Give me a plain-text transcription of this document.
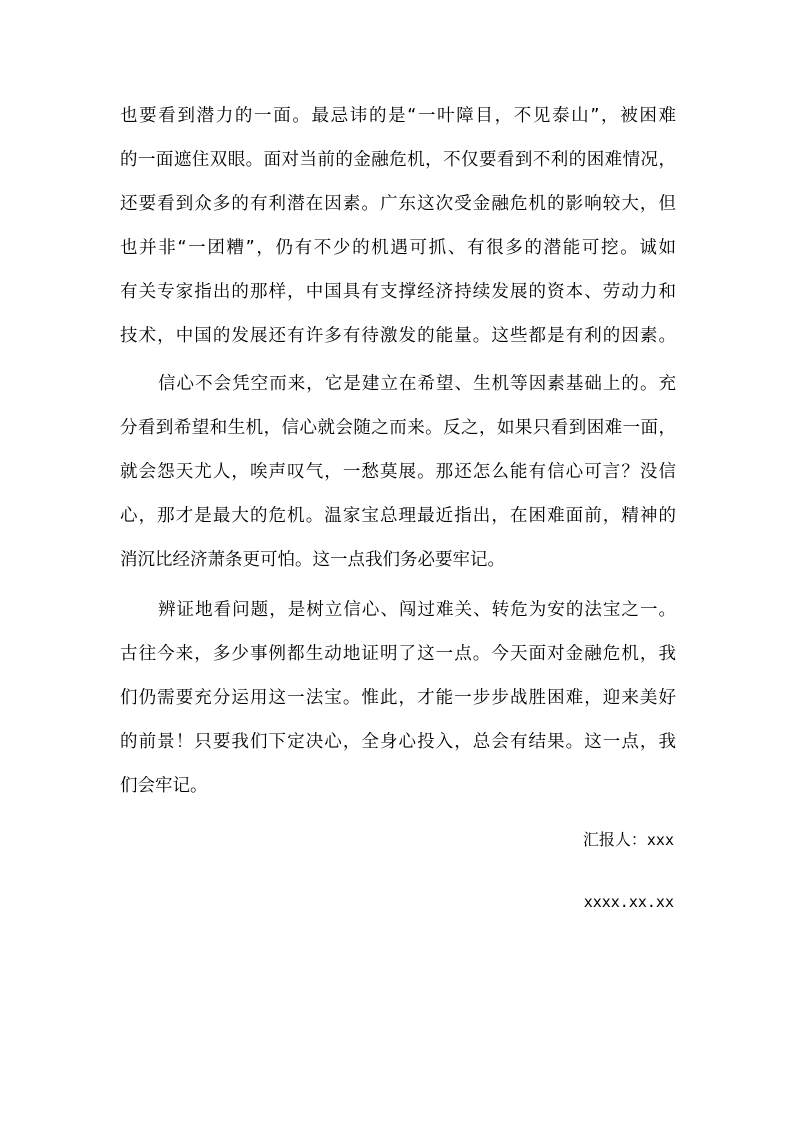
也要看到潜力的一面。最忌讳的是“一叶障目，不见泰山”，被困难
的一面遮住双眼。面对当前的金融危机，不仅要看到不利的困难情况，
还要看到众多的有利潜在因素。广东这次受金融危机的影响较大，但
也并非“一团糟”，仍有不少的机遇可抓、有很多的潜能可挖。诚如
有关专家指出的那样，中国具有支撑经济持续发展的资本、劳动力和
技术，中国的发展还有许多有待激发的能量。这些都是有利的因素。
信心不会凭空而来，它是建立在希望、生机等因素基础上的。充
分看到希望和生机，信心就会随之而来。反之，如果只看到困难一面，
就会怨天尤人，唉声叹气，一愁莫展。那还怎么能有信心可言？没信
心，那才是最大的危机。温家宝总理最近指出，在困难面前，精神的
消沉比经济萧条更可怕。这一点我们务必要牢记。
辨证地看问题，是树立信心、闯过难关、转危为安的法宝之一。
古往今来，多少事例都生动地证明了这一点。今天面对金融危机，我
们仍需要充分运用这一法宝。惟此，才能一步步战胜困难，迎来美好
的前景！只要我们下定决心，全身心投入，总会有结果。这一点，我
们会牢记。
汇报人：xxx
xxxx.xx.xx
